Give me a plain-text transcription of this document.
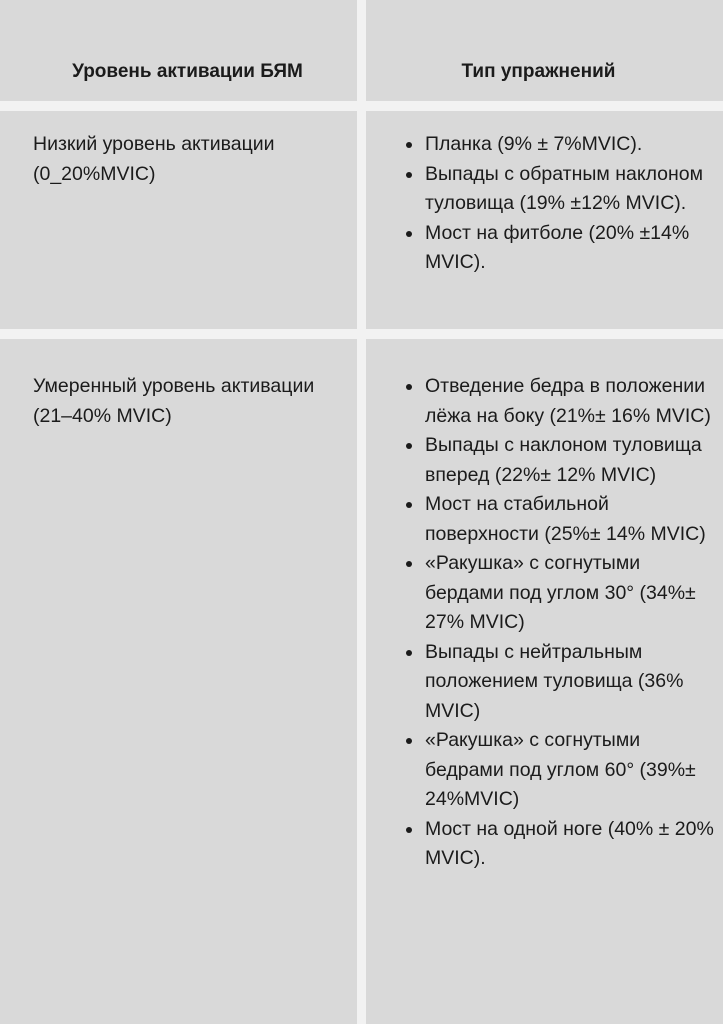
Уровень активации БЯМ	Тип упражнений
Низкий уровень активации (0_20%MVIC)
Планка (9% ± 7%MVIC).
Выпады с обратным наклоном туловища (19% ±12% MVIC).
Мост на фитболе (20% ±14% MVIC).
Умеренный уровень активации (21–40% MVIC)
Отведение бедра в положении лёжа на боку (21%± 16% MVIC)
Выпады с наклоном туловища вперед (22%± 12% MVIC)
Мост на стабильной поверхности (25%± 14% MVIC)
«Ракушка» с согнутыми бердами под углом 30° (34%± 27% MVIC)
Выпады с нейтральным положением туловища (36% MVIC)
«Ракушка» с согнутыми бедрами под углом 60° (39%± 24%MVIC)
Мост на одной ноге (40% ± 20% MVIC).
